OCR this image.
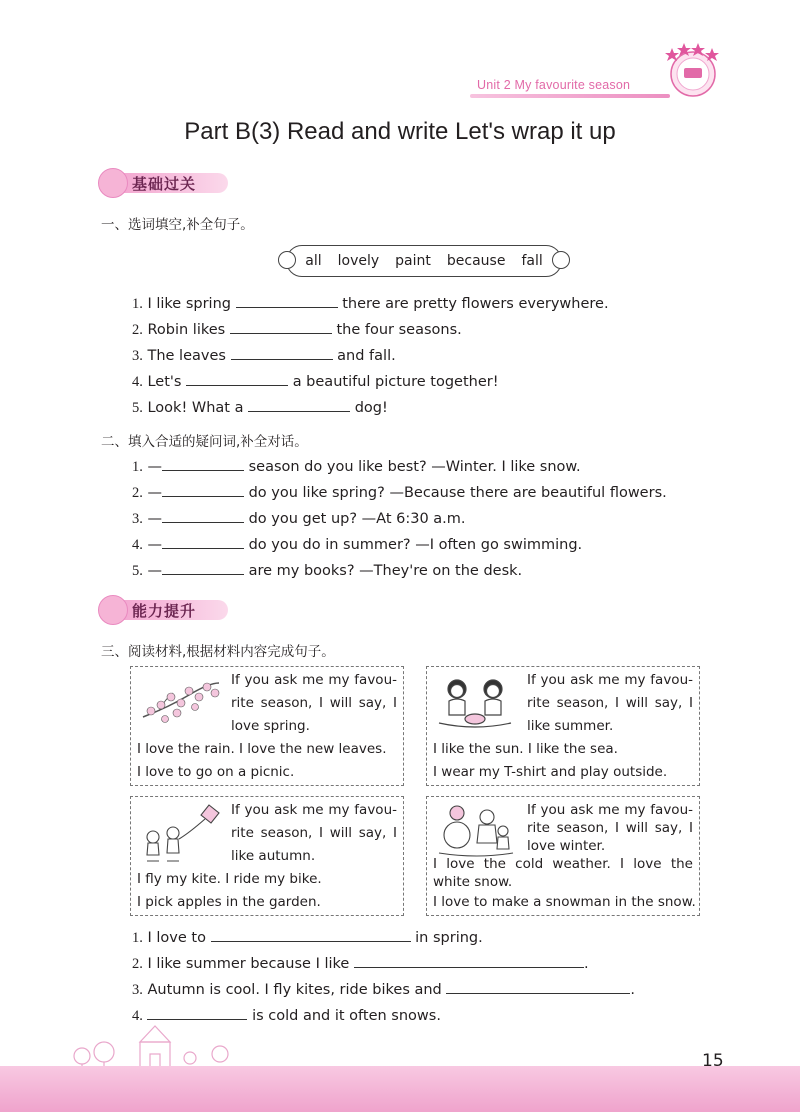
Unit 2 My favourite season
Part B(3) Read and write Let's wrap it up
基础过关
一、选词填空,补全句子。
all lovely paint because fall
1. I like spring	there are pretty flowers everywhere.
2. Robin likes	the four seasons.
3. The leaves	and fall.
4. Let's	a beautiful picture together!
5. Look! What a	dog!
二、填入合适的疑问词,补全对话。
1. —	season do you like best? —Winter. I like snow.
2. —	do you like spring? —Because there are beautiful flowers.
3. —	do you get up? —At 6:30 a.m.
4. —	do you do in summer? —I often go swimming.
5. —	are my books? —They're on the desk.
能力提升
三、阅读材料,根据材料内容完成句子。
If you ask me my favou-
rite season, I will say, I
love spring.
I love the rain. I love the new leaves.
I love to go on a picnic.
If you ask me my favou-
rite season, I will say, I
like summer.
I like the sun. I like the sea.
I wear my T-shirt and play outside.
If you ask me my favou-
rite season, I will say, I
like autumn.
I fly my kite. I ride my bike.
I pick apples in the garden.
If you ask me my favou-
rite season, I will say, I
love winter.
I love the cold weather. I love the
white snow.
I love to make a snowman in the snow.
1. I love to	in spring.
2. I like summer because I like	.
3. Autumn is cool. I fly kites, ride bikes and	.
4.	is cold and it often snows.
15
